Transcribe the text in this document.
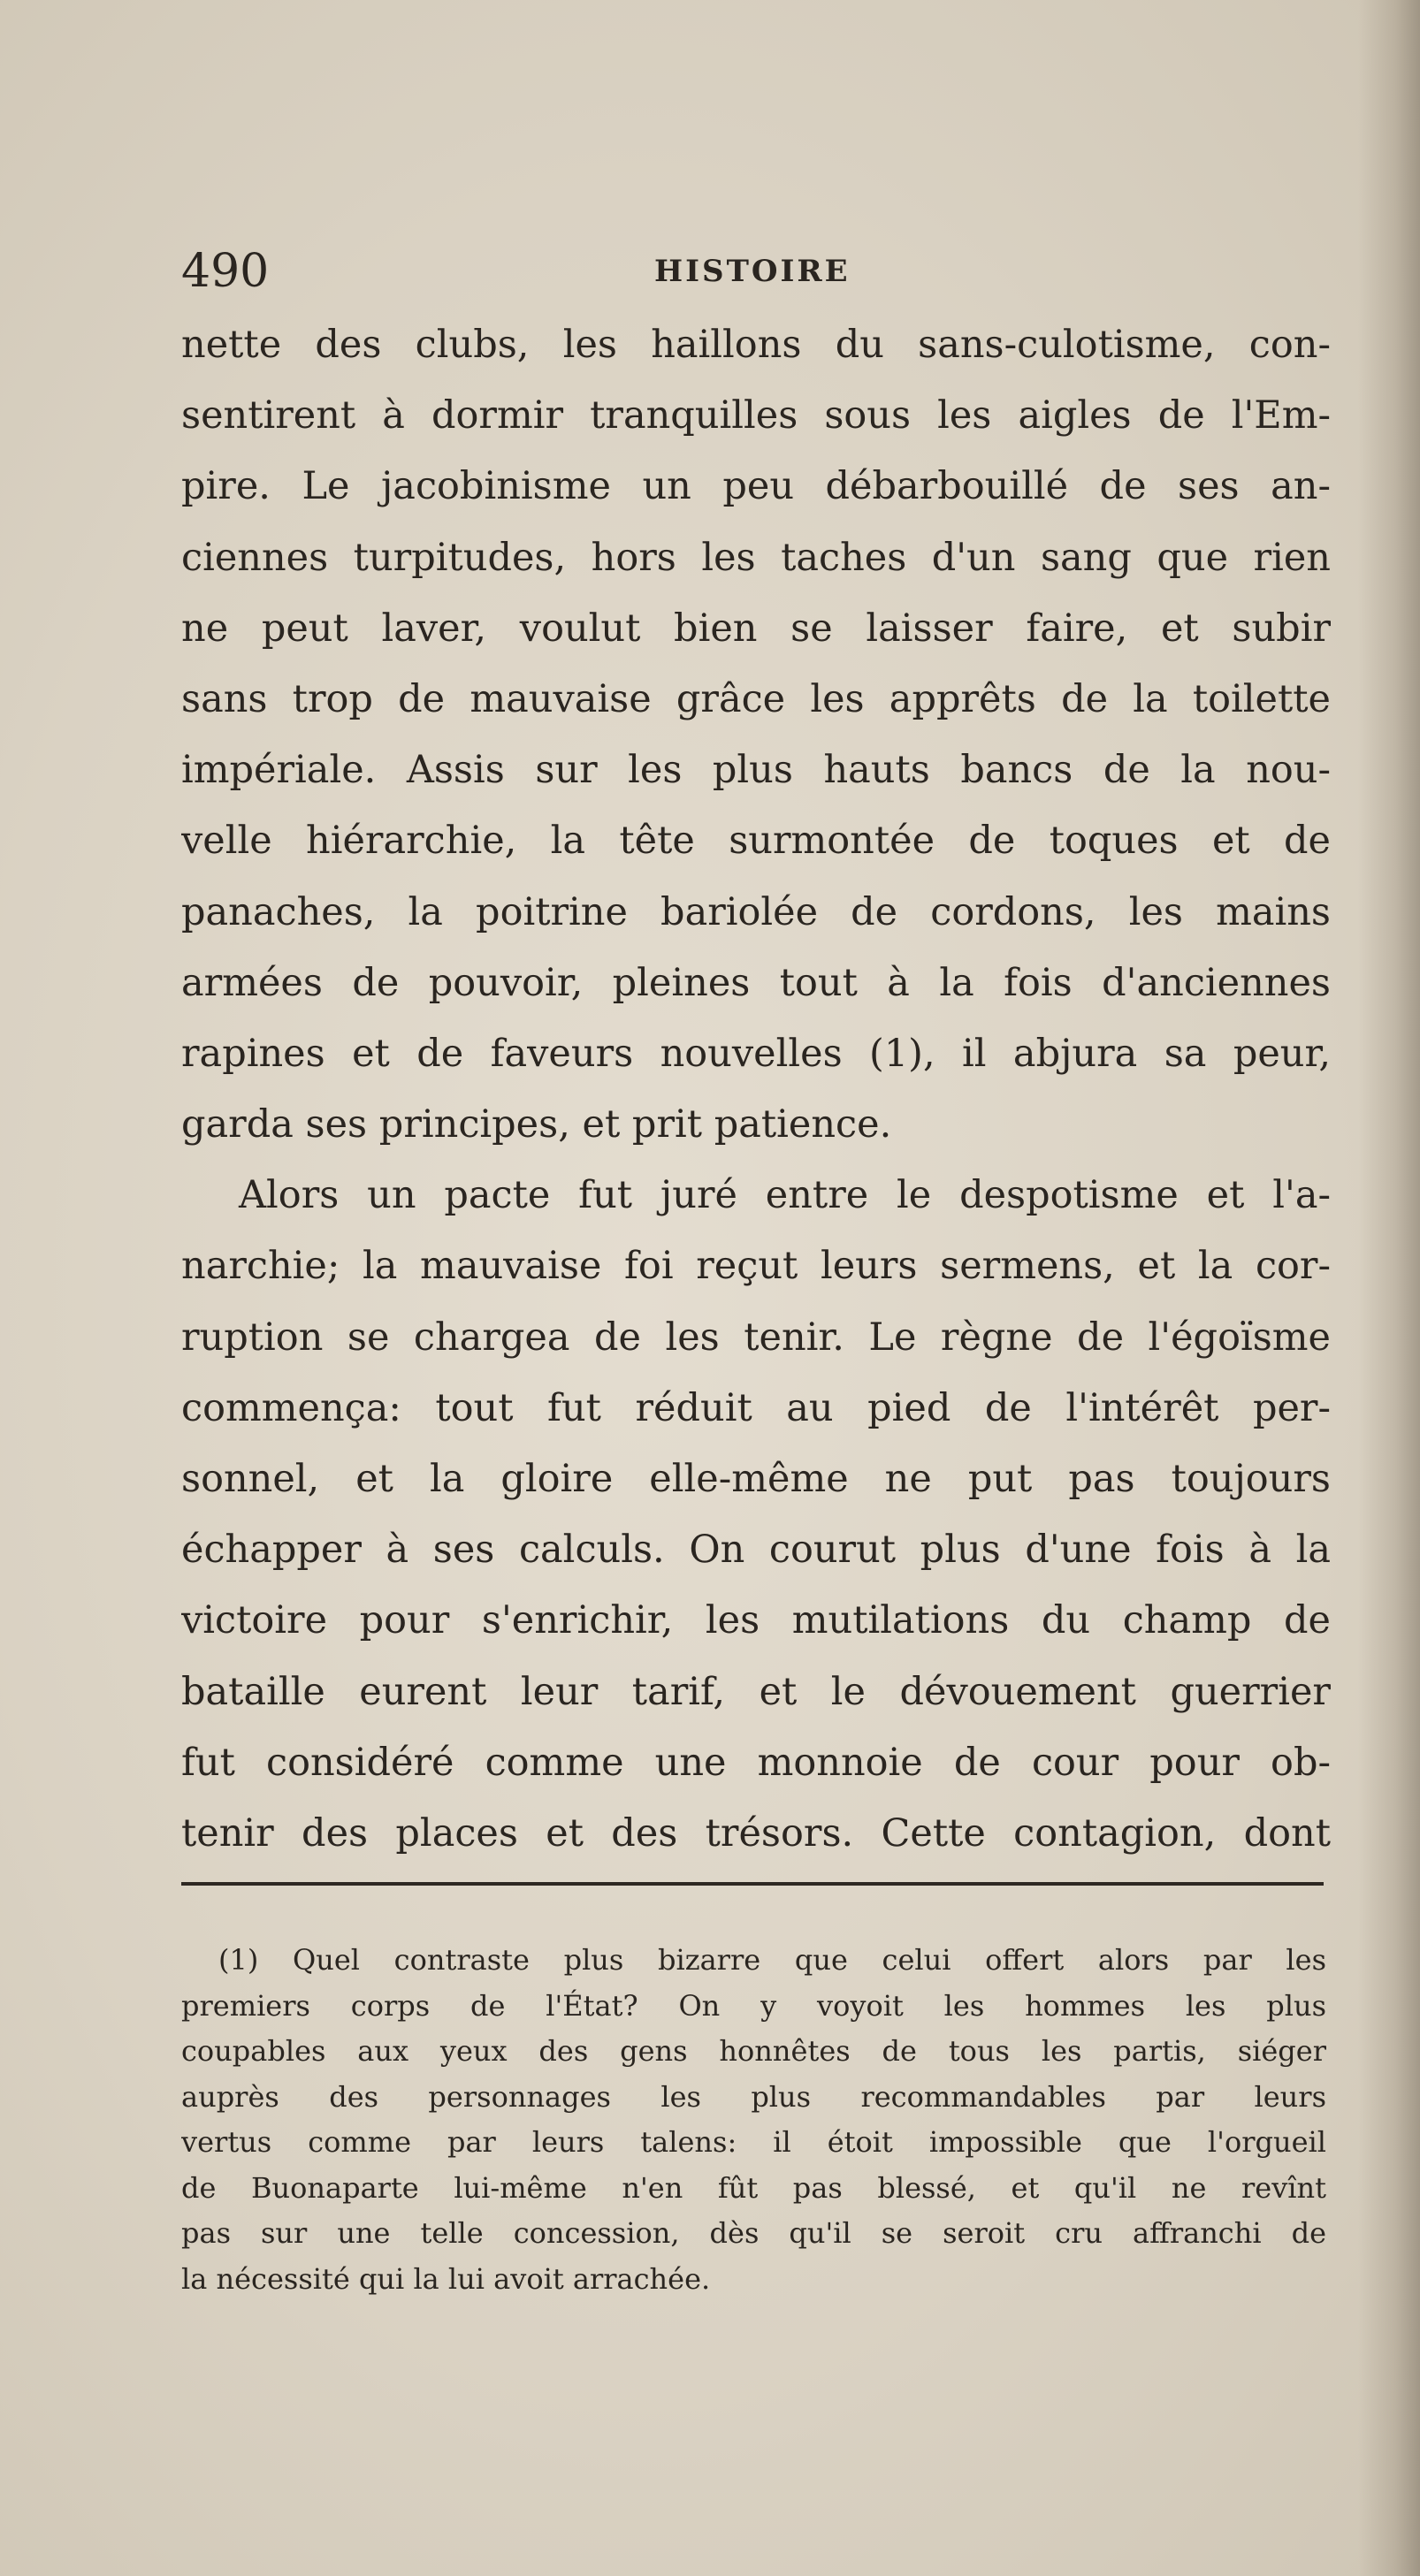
490	HISTOIRE
nette des clubs, les haillons du sans-culotisme, con-
sentirent à dormir tranquilles sous les aigles de l'Em-
pire. Le jacobinisme un peu débarbouillé de ses an-
ciennes turpitudes, hors les taches d'un sang que rien
ne peut laver, voulut bien se laisser faire, et subir
sans trop de mauvaise grâce les apprêts de la toilette
impériale. Assis sur les plus hauts bancs de la nou-
velle hiérarchie, la tête surmontée de toques et de
panaches, la poitrine bariolée de cordons, les mains
armées de pouvoir, pleines tout à la fois d'anciennes
rapines et de faveurs nouvelles (1), il abjura sa peur,
garda ses principes, et prit patience.
Alors un pacte fut juré entre le despotisme et l'a-
narchie; la mauvaise foi reçut leurs sermens, et la cor-
ruption se chargea de les tenir. Le règne de l'égoïsme
commença: tout fut réduit au pied de l'intérêt per-
sonnel, et la gloire elle-même ne put pas toujours
échapper à ses calculs. On courut plus d'une fois à la
victoire pour s'enrichir, les mutilations du champ de
bataille eurent leur tarif, et le dévouement guerrier
fut considéré comme une monnoie de cour pour ob-
tenir des places et des trésors. Cette contagion, dont
(1) Quel contraste plus bizarre que celui offert alors par les
premiers corps de l'État? On y voyoit les hommes les plus
coupables aux yeux des gens honnêtes de tous les partis, siéger
auprès des personnages les plus recommandables par leurs
vertus comme par leurs talens: il étoit impossible que l'orgueil
de Buonaparte lui-même n'en fût pas blessé, et qu'il ne revînt
pas sur une telle concession, dès qu'il se seroit cru affranchi de
la nécessité qui la lui avoit arrachée.
